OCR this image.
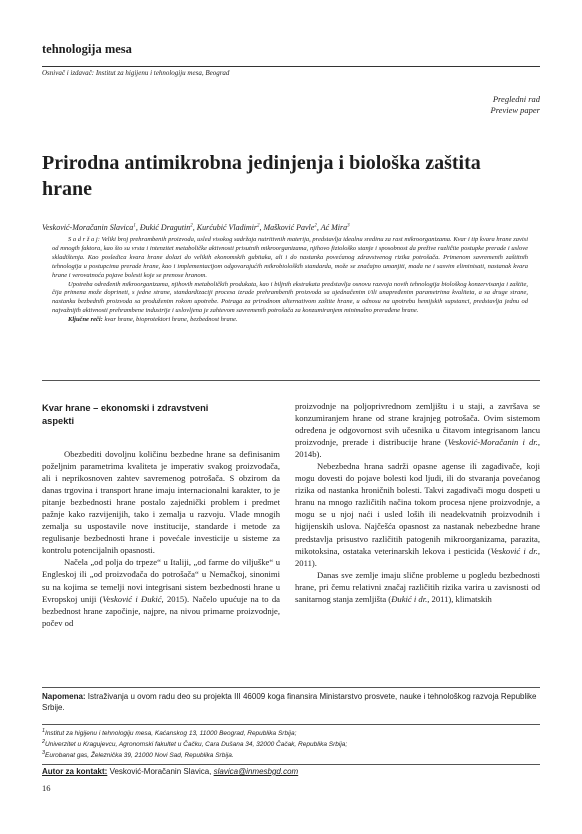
tehnologija mesa
Osnivač i izdavač: Institut za higijenu i tehnologiju mesa, Beograd
Pregledni rad
Preview paper
Prirodna antimikrobna jedinjenja i biološka zaštita hrane
Vesković-Moračanin Slavica$^1$, Đukić Dragutin$^2$, Kurćubić Vladimir$^2$, Mašković Pavle$^2$, Ać Mira$^3$

S a d r ž a j: Veliki broj prehrambenih proizvoda, usled visokog sadržaja nutritivnih materija, predstavlja idealnu sredinu za rast mikroorganizama. Kvar i tip kvara hrane zavisi od mnogih faktora, kao što su vrsta i intenzitet metaboličke aktivnosti prisutnih mikroorganizama, njihovo fiziološko stanje i sposobnost da prežive različite postupke prerade i uslove skladištenja. Kao posledica kvara hrane dolazi do velikih ekonomskih gubitaka, ali i do nastanka povećanog zdravstvenog rizika potrošača. Primenom savremenih zaštitnih tehnologija u postupcima prerade hrane, kao i implementacijom odgovarajućih mikrobioloških standarda, može se značajno umanjiti, mada ne i sasvim eliminisati, nastanak kvara hrane i verovatnoća pojave bolesti koje se prenose hranom.

Upotreba određenih mikroorganizama, njihovih metaboličkih produkata, kao i biljnih ekstrakata predstavlja osnovu razvoja novih tehnologija biološkog konzervisanja i zaštite, čija primena može doprineti, s jedne strane, standardizaciji procesa izrade prehrambenih proizvoda sa ujednačenim i/ili unapređenim parametrima kvaliteta, a sa druge strane, nastanku bezbednih proizvoda sa produženim rokom upotrebe. Potraga za prirodnom alternativom zaštite hrane, u odnosu na upotrebu hemijskih supstanci, predstavlja jednu od najvažnijih aktivnosti prehrambene industrije i uslovljena je zahtevom savremenih potrošača za konzumiranjem minimalno prerađene hrane.

Ključne reči: kvar hrane, bioprotektori hrane, bezbednost hrane.

Kvar hrane – ekonomski i zdravstveni aspekti

Obezbediti dovoljnu količinu bezbedne hrane sa definisanim poželjnim parametrima kvaliteta je imperativ svakog proizvođača, ali i neprikosnoven zahtev savremenog potrošača. S obzirom da danas trgovina i transport hrane imaju internacionalni karakter, to je pitanje bezbednosti hrane postalo zajednički problem i predmet pažnje kako razvijenijih, tako i zemalja u razvoju. Vlade mnogih zemalja su uspostavile nove institucije, standarde i metode za regulisanje bezbednosti hrane i povećale investicije u sisteme za kontrolu potencijalnih opasnosti.

Načela „od polja do trpeze“ u Italiji, „od farme do viljuške“ u Engleskoj ili „od proizvođača do potrošača“ u Nemačkoj, sinonimi su na kojima se temelji novi integrisani sistem bezbednosti hrane u Evropskoj uniji (Vesković i Đukić, 2015). Načelo upućuje na to da bezbednost hrane započinje, najpre, na nivou primarne proizvodnje, počev od

proizvodnje na poljoprivrednom zemljištu i u staji, a završava se konzumiranjem hrane od strane krajnjeg potrošača. Ovim sistemom određena je odgovornost svih učesnika u čitavom integrisanom lancu proizvodnje, prerade i distribucije hrane (Vesković-Moračanin i dr., 2014b).

Nebezbedna hrana sadrži opasne agense ili zagađivače, koji mogu dovesti do pojave bolesti kod ljudi, ili do stvaranja povećanog rizika od nastanka hroničnih bolesti. Takvi zagađivači mogu dospeti u hranu na mnogo različitih načina tokom procesa njene proizvodnje, a mogu se u njoj naći i usled loših ili neadekvatnih proizvodnih i higijenskih uslova. Najčešća opasnost za nastanak nebezbedne hrane predstavlja prisustvo različitih patogenih mikroorganizama, parazita, mikotoksina, ostataka veterinarskih lekova i pesticida (Vesković i dr., 2011).

Danas sve zemlje imaju slične probleme u pogledu bezbednosti hrane, pri čemu relativni značaj različitih rizika varira u zavisnosti od sanitarnog stanja zemljišta (Đukić i dr., 2011), klimatskih

Napomena: Istraživanja u ovom radu deo su projekta III 46009 koga finansira Ministarstvo prosvete, nauke i tehnološkog razvoja Republike Srbije.
$^1$Institut za higijenu i tehnologiju mesa, Kaćanskog 13, 11000 Beograd, Republika Srbija;
$^2$Univerzitet u Kragujevcu, Agronomski fakultet u Čačku, Cara Dušana 34, 32000 Čačak, Republika Srbija;
$^3$Eurobanat gas, Železnička 39, 21000 Novi Sad, Republika Srbija.
Autor za kontakt: Vesković-Moračanin Slavica, slavica@inmesbgd.com
16
